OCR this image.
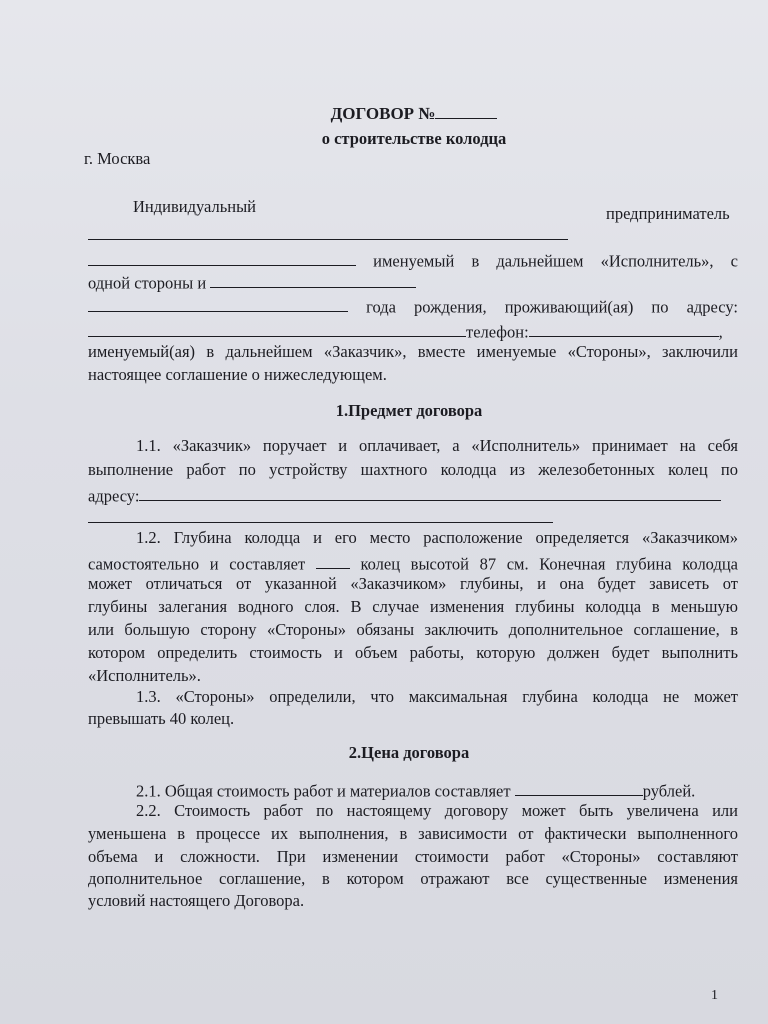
ДОГОВОР №
о строительстве колодца
г. Москва
Индивидуальный	предприниматель
именуемый в дальнейшем «Исполнитель», с
одной стороны и
года рождения, проживающий(ая) по адресу:
телефон:	,
именуемый(ая) в дальнейшем «Заказчик», вместе именуемые «Стороны», заключили
настоящее соглашение о нижеследующем.
1.Предмет договора
1.1. «Заказчик» поручает и оплачивает, а «Исполнитель» принимает на себя
выполнение работ по устройству шахтного колодца из железобетонных колец по
адресу:
1.2. Глубина колодца и его место расположение определяется «Заказчиком»
самостоятельно и составляет	колец высотой 87 см. Конечная глубина колодца
может отличаться от указанной «Заказчиком» глубины, и она будет зависеть от
глубины залегания водного слоя. В случае изменения глубины колодца в меньшую
или большую сторону «Стороны» обязаны заключить дополнительное соглашение, в
котором определить стоимость и объем работы, которую должен будет выполнить
«Исполнитель».
1.3. «Стороны» определили, что максимальная глубина колодца не может
превышать 40 колец.
2.Цена договора
2.1. Общая стоимость работ и материалов составляет	рублей.
2.2. Стоимость работ по настоящему договору может быть увеличена или
уменьшена в процессе их выполнения, в зависимости от фактически выполненного
объема и сложности. При изменении стоимости работ «Стороны» составляют
дополнительное соглашение, в котором отражают все существенные изменения
условий настоящего Договора.
1
